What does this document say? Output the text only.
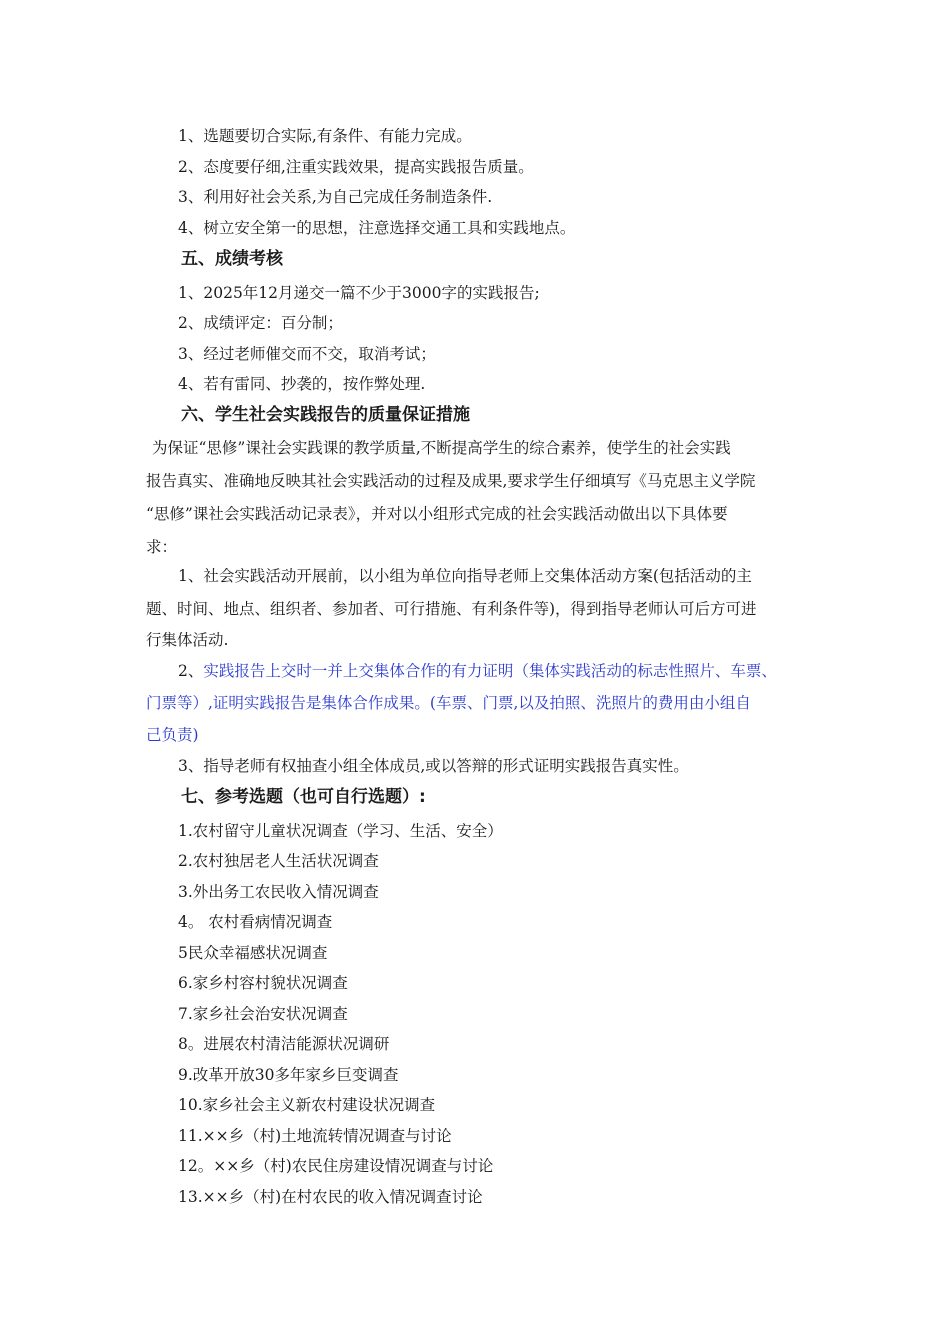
1、选题要切合实际,有条件、有能力完成。
2、态度要仔细,注重实践效果，提高实践报告质量。
3、利用好社会关系,为自己完成任务制造条件.
4、树立安全第一的思想，注意选择交通工具和实践地点。
五、成绩考核
1、2025年12月递交一篇不少于3000字的实践报告;
2、成绩评定：百分制；
3、经过老师催交而不交，取消考试；
4、若有雷同、抄袭的，按作弊处理.
六、学生社会实践报告的质量保证措施
为保证“思修”课社会实践课的教学质量,不断提高学生的综合素养，使学生的社会实践
报告真实、准确地反映其社会实践活动的过程及成果,要求学生仔细填写《马克思主义学院
“思修”课社会实践活动记录表》，并对以小组形式完成的社会实践活动做出以下具体要
求：
1、社会实践活动开展前，以小组为单位向指导老师上交集体活动方案(包括活动的主
题、时间、地点、组织者、参加者、可行措施、有利条件等)，得到指导老师认可后方可进
行集体活动.
2、实践报告上交时一并上交集体合作的有力证明（集体实践活动的标志性照片、车票、
门票等）,证明实践报告是集体合作成果。(车票、门票,以及拍照、洗照片的费用由小组自
己负责)
3、指导老师有权抽查小组全体成员,或以答辩的形式证明实践报告真实性。
七、参考选题（也可自行选题）:
1.农村留守儿童状况调查（学习、生活、安全）
2.农村独居老人生活状况调查
3.外出务工农民收入情况调查
4。 农村看病情况调查
5民众幸福感状况调查
6.家乡村容村貌状况调查
7.家乡社会治安状况调查
8。进展农村清洁能源状况调研
9.改革开放30多年家乡巨变调查
10.家乡社会主义新农村建设状况调查
11.××乡（村)土地流转情况调查与讨论
12。××乡（村)农民住房建设情况调查与讨论
13.××乡（村)在村农民的收入情况调查讨论
